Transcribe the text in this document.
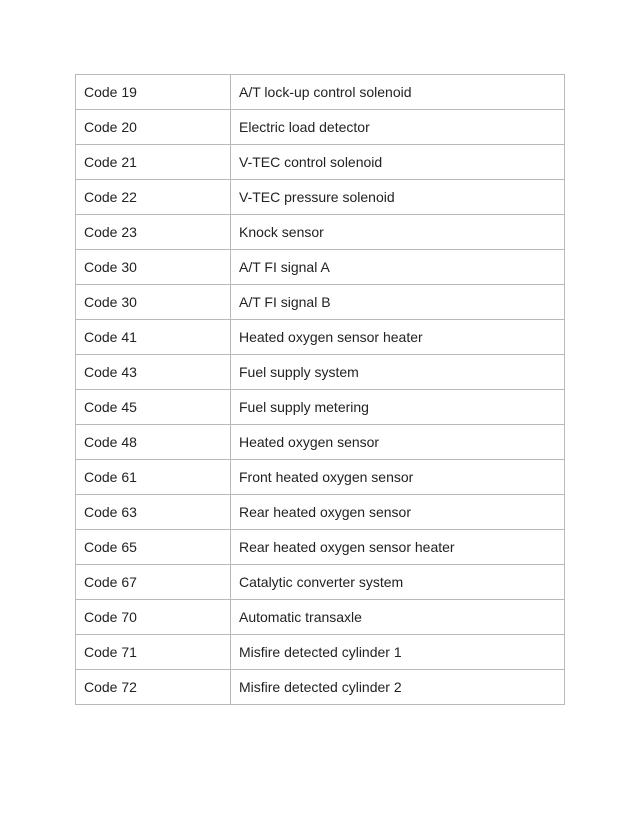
Code 19	A/T lock-up control solenoid
Code 20	Electric load detector
Code 21	V-TEC control solenoid
Code 22	V-TEC pressure solenoid
Code 23	Knock sensor
Code 30	A/T FI signal A
Code 30	A/T FI signal B
Code 41	Heated oxygen sensor heater
Code 43	Fuel supply system
Code 45	Fuel supply metering
Code 48	Heated oxygen sensor
Code 61	Front heated oxygen sensor
Code 63	Rear heated oxygen sensor
Code 65	Rear heated oxygen sensor heater
Code 67	Catalytic converter system
Code 70	Automatic transaxle
Code 71	Misfire detected cylinder 1
Code 72	Misfire detected cylinder 2
